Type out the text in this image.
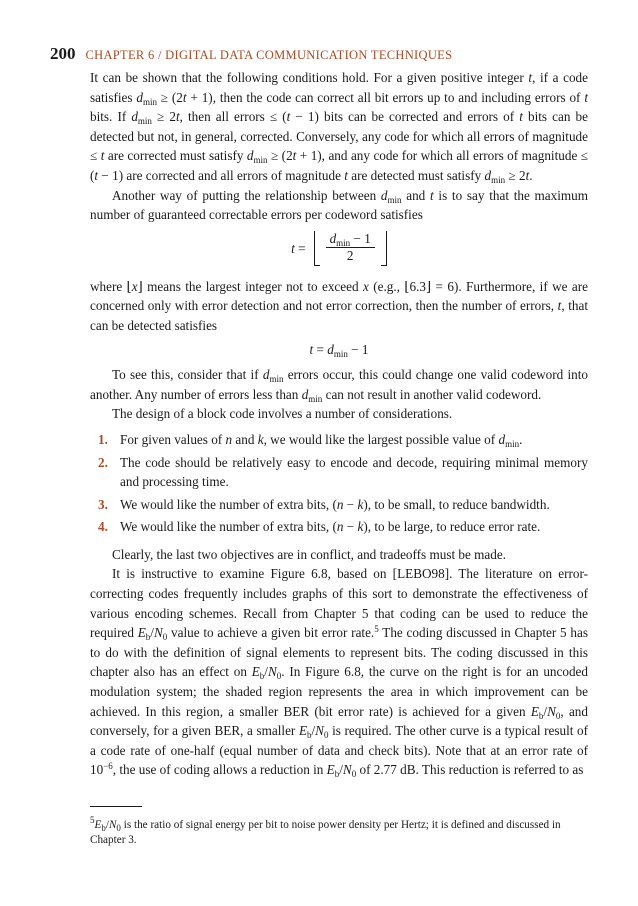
200 CHAPTER 6 / DIGITAL DATA COMMUNICATION TECHNIQUES

It can be shown that the following conditions hold. For a given positive integer t, if a code satisfies $d_{min} \ge (2t + 1)$, then the code can correct all bit errors up to and including errors of t bits. If $d_{min} \ge 2t$, then all errors ≤ (t − 1) bits can be corrected and errors of t bits can be detected but not, in general, corrected. Conversely, any code for which all errors of magnitude ≤ t are corrected must satisfy $d_{min} \ge (2t + 1)$, and any code for which all errors of magnitude ≤ (t − 1) are corrected and all errors of magnitude t are detected must satisfy $d_{min} \ge 2t$.

Another way of putting the relationship between $d_{min}$ and t is to say that the maximum number of guaranteed correctable errors per codeword satisfies

$t = \frac{d_{min} - 1}{2}$

where ⌊x⌋ means the largest integer not to exceed x (e.g., ⌊6.3⌋ = 6). Furthermore, if we are concerned only with error detection and not error correction, then the number of errors, t, that can be detected satisfies

$t = d_{min} - 1$

To see this, consider that if $d_{min}$ errors occur, this could change one valid codeword into another. Any number of errors less than $d_{min}$ can not result in another valid codeword.

The design of a block code involves a number of considerations.

1. For given values of n and k, we would like the largest possible value of $d_{min}$.
2. The code should be relatively easy to encode and decode, requiring minimal memory and processing time.
3. We would like the number of extra bits, (n − k), to be small, to reduce bandwidth.
4. We would like the number of extra bits, (n − k), to be large, to reduce error rate.

Clearly, the last two objectives are in conflict, and tradeoffs must be made.

It is instructive to examine Figure 6.8, based on [LEBO98]. The literature on error-correcting codes frequently includes graphs of this sort to demonstrate the effectiveness of various encoding schemes. Recall from Chapter 5 that coding can be used to reduce the required $E_b/N_0$ value to achieve a given bit error rate.$^5$ The coding discussed in Chapter 5 has to do with the definition of signal elements to represent bits. The coding discussed in this chapter also has an effect on $E_b/N_0$. In Figure 6.8, the curve on the right is for an uncoded modulation system; the shaded region represents the area in which improvement can be achieved. In this region, a smaller BER (bit error rate) is achieved for a given $E_b/N_0$, and conversely, for a given BER, a smaller $E_b/N_0$ is required. The other curve is a typical result of a code rate of one-half (equal number of data and check bits). Note that at an error rate of $10^{-6}$, the use of coding allows a reduction in $E_b/N_0$ of 2.77 dB. This reduction is referred to as

$^5E_b/N_0$ is the ratio of signal energy per bit to noise power density per Hertz; it is defined and discussed in Chapter 3.
